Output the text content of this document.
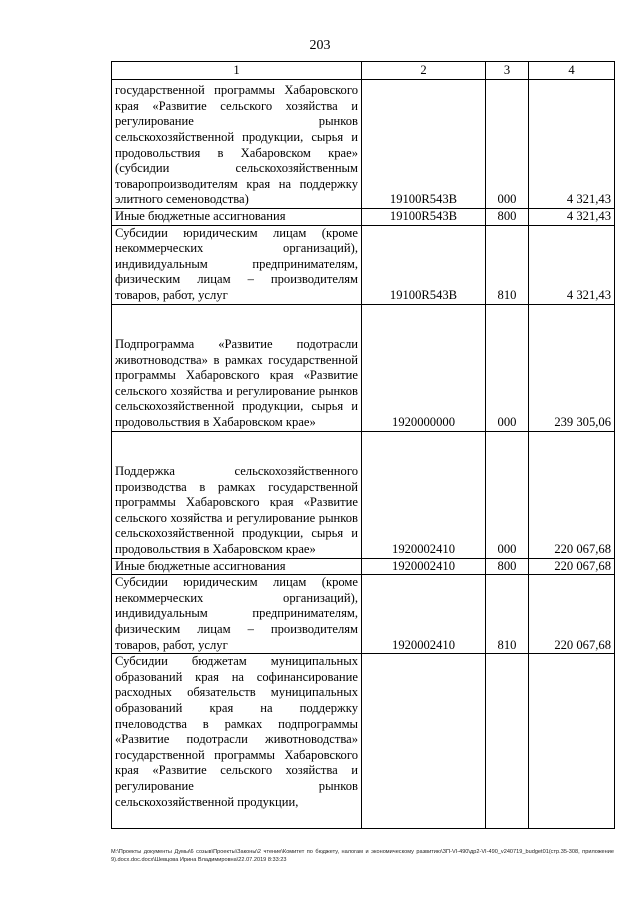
203
1	2	3	4
государственной программы Хабаровского края «Развитие сельского хозяйства и регулирование рынков сельскохозяйственной продукции, сырья и продовольствия в Хабаровском крае» (субсидии сельскохозяйственным товаропроизводителям края на поддержку элитного семеноводства)	19100R543B	000	4 321,43
Иные бюджетные ассигнования	19100R543B	800	4 321,43
Субсидии юридическим лицам (кроме некоммерческих организаций), индивидуальным предпринимателям, физическим лицам – производителям товаров, работ, услуг	19100R543B	810	4 321,43
Подпрограмма «Развитие подотрасли животноводства» в рамках государственной программы Хабаровского края «Развитие сельского хозяйства и регулирование рынков сельскохозяйственной продукции, сырья и продовольствия в Хабаровском крае»	1920000000	000	239 305,06
Поддержка сельскохозяйственного производства в рамках государственной программы Хабаровского края «Развитие сельского хозяйства и регулирование рынков сельскохозяйственной продукции, сырья и продовольствия в Хабаровском крае»	1920002410	000	220 067,68
Иные бюджетные ассигнования	1920002410	800	220 067,68
Субсидии юридическим лицам (кроме некоммерческих организаций), индивидуальным предпринимателям, физическим лицам – производителям товаров, работ, услуг	1920002410	810	220 067,68
Субсидии бюджетам муниципальных образований края на софинансирование расходных обязательств муниципальных образований края на поддержку пчеловодства в рамках подпрограммы «Развитие подотрасли животноводства» государственной программы Хабаровского края «Развитие сельского хозяйства и регулирование рынков сельскохозяйственной продукции,			
M:\Проекты документы Думы\6 созыв\Проекты\Законы\2 чтение\Комитет по бюджету, налогам и экономическому развитию\ЗП-VI-490\др2-VI-490_v240719_budget01(стр.35-308, приложение 9).docx.doc.docx\Шевцова Ирина Владимировна\22.07.2019 8:33:23
